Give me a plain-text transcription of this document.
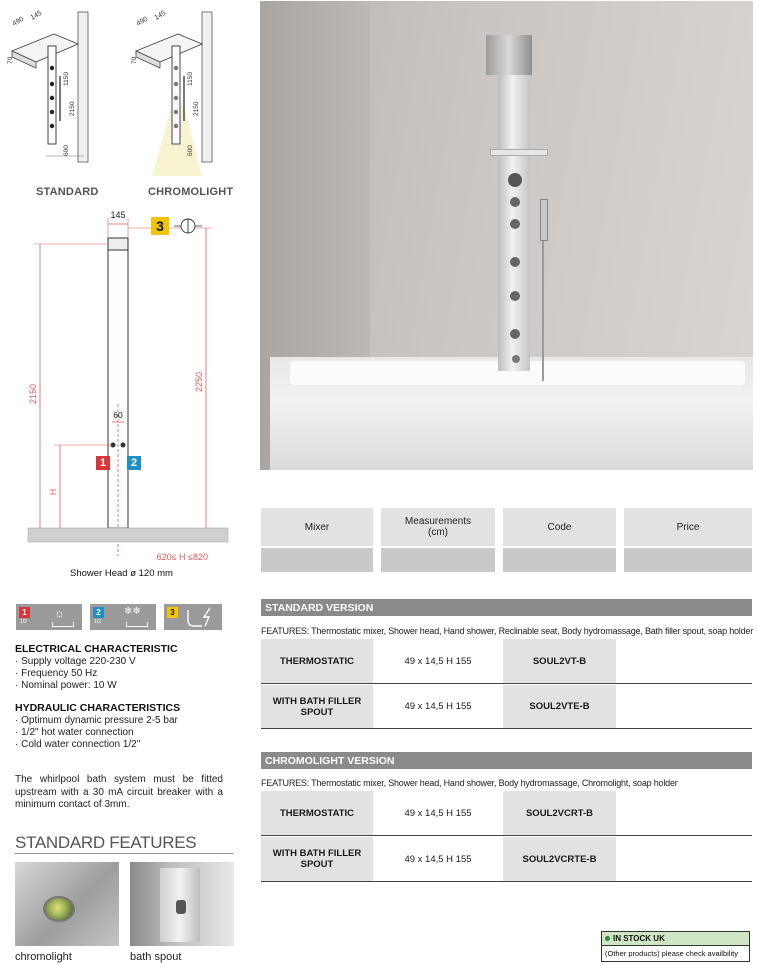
490
145
70
1150
2150
600
490
145
70
1150
2150
600
STANDARD	CHROMOLIGHT
145
2150
2250
60
H
620≤ H ≤820
1	2
3
Shower Head ø 120 mm
1
1/2
☼	2
1/2
❄❄	3
ELECTRICAL CHARACTERISTIC
· Supply voltage 220-230 V
· Frequency 50 Hz
· Nominal power: 10 W
HYDRAULIC CHARACTERISTICS
· Optimum dynamic pressure 2-5 bar
· 1/2" hot water connection
· Cold water connection 1/2"
The whirlpool bath system must be fitted upstream with a 30 mA circuit breaker with a minimum contact of 3mm.
STANDARD FEATURES
chromolight	bath spout
Mixer	Measurements
(cm)	Code	Price
STANDARD VERSION
FEATURES: Thermostatic mixer, Shower head, Hand shower, Reclinable seat, Body hydromassage, Bath filler spout, soap holder
THERMOSTATIC	49 x 14,5 H 155	SOUL2VT-B
WITH BATH FILLER SPOUT	49 x 14,5 H 155	SOUL2VTE-B
CHROMOLIGHT VERSION
FEATURES: Thermostatic mixer, Shower head, Hand shower, Body hydromassage, Chromolight, soap holder
THERMOSTATIC	49 x 14,5 H 155	SOUL2VCRT-B
WITH BATH FILLER SPOUT	49 x 14,5 H 155	SOUL2VCRTE-B
IN STOCK UK
(Other products) please check availbility
